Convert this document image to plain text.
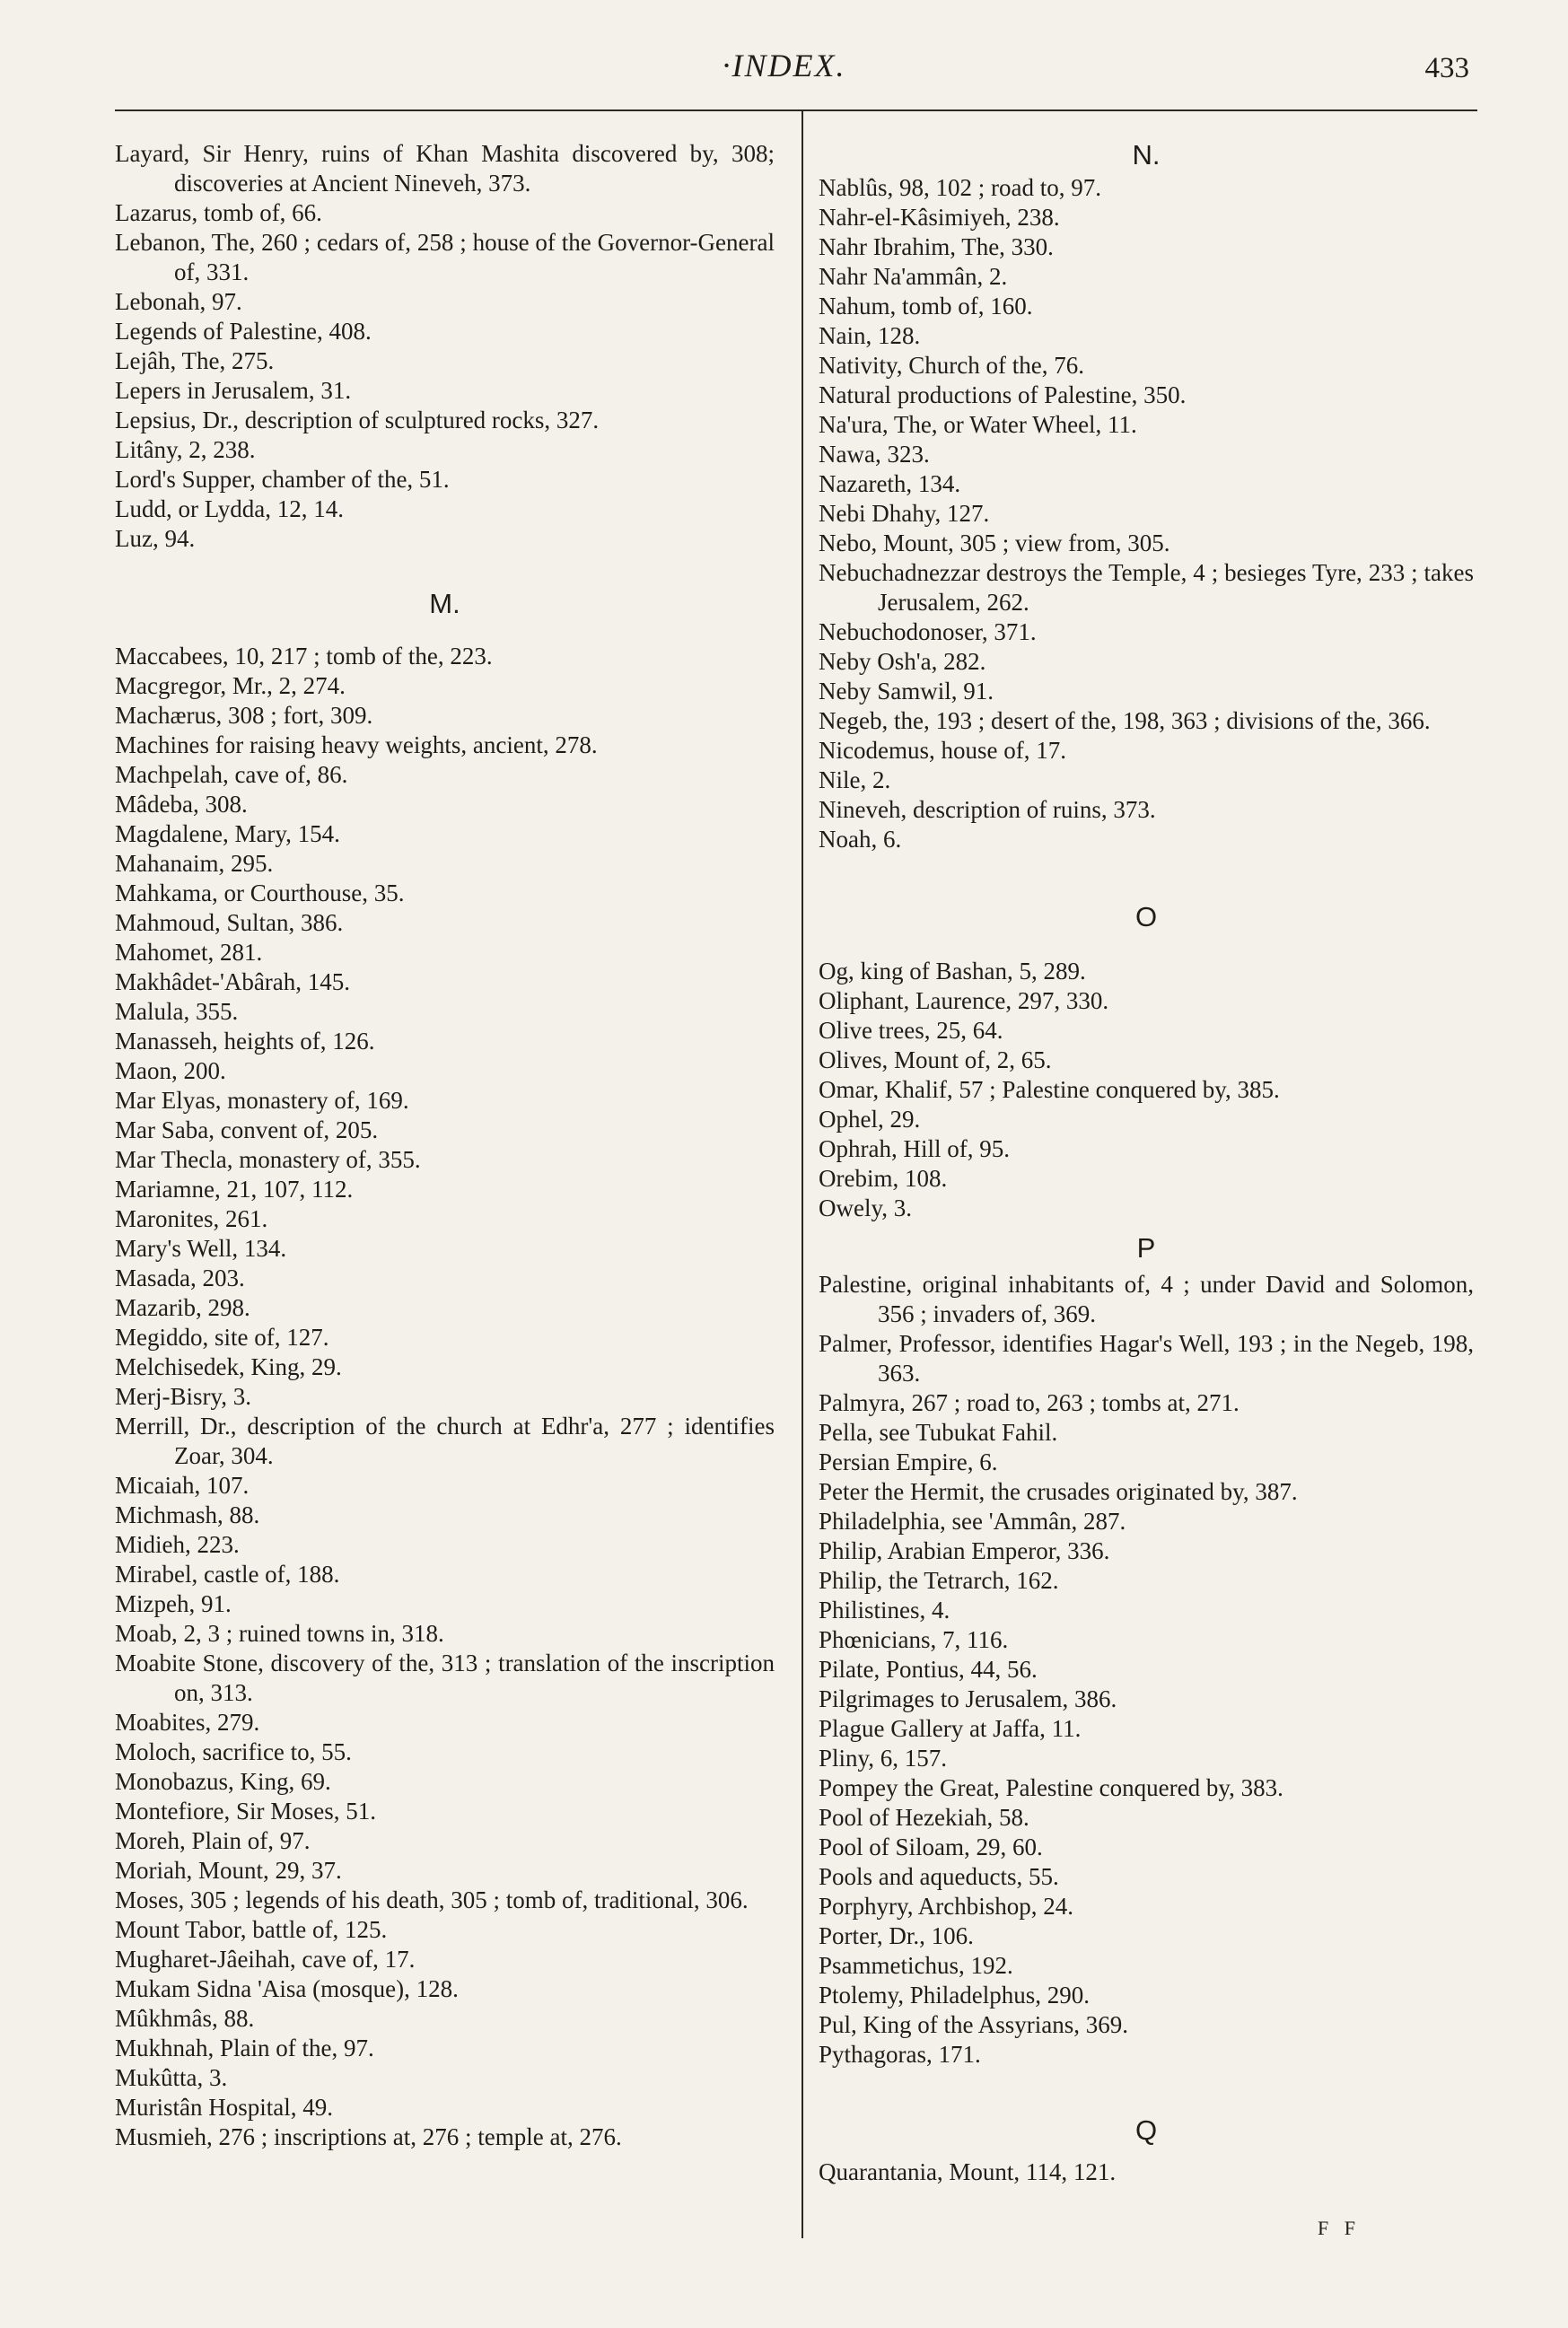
·INDEX.	433
Layard, Sir Henry, ruins of Khan Mashita discovered by, 308; discoveries at Ancient Nineveh, 373.
Lazarus, tomb of, 66.
Lebanon, The, 260 ; cedars of, 258 ; house of the Governor-General of, 331.
Lebonah, 97.
Legends of Palestine, 408.
Lejâh, The, 275.
Lepers in Jerusalem, 31.
Lepsius, Dr., description of sculptured rocks, 327.
Litâny, 2, 238.
Lord's Supper, chamber of the, 51.
Ludd, or Lydda, 12, 14.
Luz, 94.
M.
Maccabees, 10, 217 ; tomb of the, 223.
Macgregor, Mr., 2, 274.
Machærus, 308 ; fort, 309.
Machines for raising heavy weights, ancient, 278.
Machpelah, cave of, 86.
Mâdeba, 308.
Magdalene, Mary, 154.
Mahanaim, 295.
Mahkama, or Courthouse, 35.
Mahmoud, Sultan, 386.
Mahomet, 281.
Makhâdet-'Abârah, 145.
Malula, 355.
Manasseh, heights of, 126.
Maon, 200.
Mar Elyas, monastery of, 169.
Mar Saba, convent of, 205.
Mar Thecla, monastery of, 355.
Mariamne, 21, 107, 112.
Maronites, 261.
Mary's Well, 134.
Masada, 203.
Mazarib, 298.
Megiddo, site of, 127.
Melchisedek, King, 29.
Merj-Bisry, 3.
Merrill, Dr., description of the church at Edhr'a, 277 ; identifies Zoar, 304.
Micaiah, 107.
Michmash, 88.
Midieh, 223.
Mirabel, castle of, 188.
Mizpeh, 91.
Moab, 2, 3 ; ruined towns in, 318.
Moabite Stone, discovery of the, 313 ; translation of the inscription on, 313.
Moabites, 279.
Moloch, sacrifice to, 55.
Monobazus, King, 69.
Montefiore, Sir Moses, 51.
Moreh, Plain of, 97.
Moriah, Mount, 29, 37.
Moses, 305 ; legends of his death, 305 ; tomb of, traditional, 306.
Mount Tabor, battle of, 125.
Mugharet-Jâeihah, cave of, 17.
Mukam Sidna 'Aisa (mosque), 128.
Mûkhmâs, 88.
Mukhnah, Plain of the, 97.
Mukûtta, 3.
Muristân Hospital, 49.
Musmieh, 276 ; inscriptions at, 276 ; temple at, 276.
N.
Nablûs, 98, 102 ; road to, 97.
Nahr-el-Kâsimiyeh, 238.
Nahr Ibrahim, The, 330.
Nahr Na'ammân, 2.
Nahum, tomb of, 160.
Nain, 128.
Nativity, Church of the, 76.
Natural productions of Palestine, 350.
Na'ura, The, or Water Wheel, 11.
Nawa, 323.
Nazareth, 134.
Nebi Dhahy, 127.
Nebo, Mount, 305 ; view from, 305.
Nebuchadnezzar destroys the Temple, 4 ; besieges Tyre, 233 ; takes Jerusalem, 262.
Nebuchodonoser, 371.
Neby Osh'a, 282.
Neby Samwil, 91.
Negeb, the, 193 ; desert of the, 198, 363 ; divisions of the, 366.
Nicodemus, house of, 17.
Nile, 2.
Nineveh, description of ruins, 373.
Noah, 6.
O
Og, king of Bashan, 5, 289.
Oliphant, Laurence, 297, 330.
Olive trees, 25, 64.
Olives, Mount of, 2, 65.
Omar, Khalif, 57 ; Palestine conquered by, 385.
Ophel, 29.
Ophrah, Hill of, 95.
Orebim, 108.
Owely, 3.
P
Palestine, original inhabitants of, 4 ; under David and Solomon, 356 ; invaders of, 369.
Palmer, Professor, identifies Hagar's Well, 193 ; in the Negeb, 198, 363.
Palmyra, 267 ; road to, 263 ; tombs at, 271.
Pella, see Tubukat Fahil.
Persian Empire, 6.
Peter the Hermit, the crusades originated by, 387.
Philadelphia, see 'Ammân, 287.
Philip, Arabian Emperor, 336.
Philip, the Tetrarch, 162.
Philistines, 4.
Phœnicians, 7, 116.
Pilate, Pontius, 44, 56.
Pilgrimages to Jerusalem, 386.
Plague Gallery at Jaffa, 11.
Pliny, 6, 157.
Pompey the Great, Palestine conquered by, 383.
Pool of Hezekiah, 58.
Pool of Siloam, 29, 60.
Pools and aqueducts, 55.
Porphyry, Archbishop, 24.
Porter, Dr., 106.
Psammetichus, 192.
Ptolemy, Philadelphus, 290.
Pul, King of the Assyrians, 369.
Pythagoras, 171.
Q
Quarantania, Mount, 114, 121.
F F
